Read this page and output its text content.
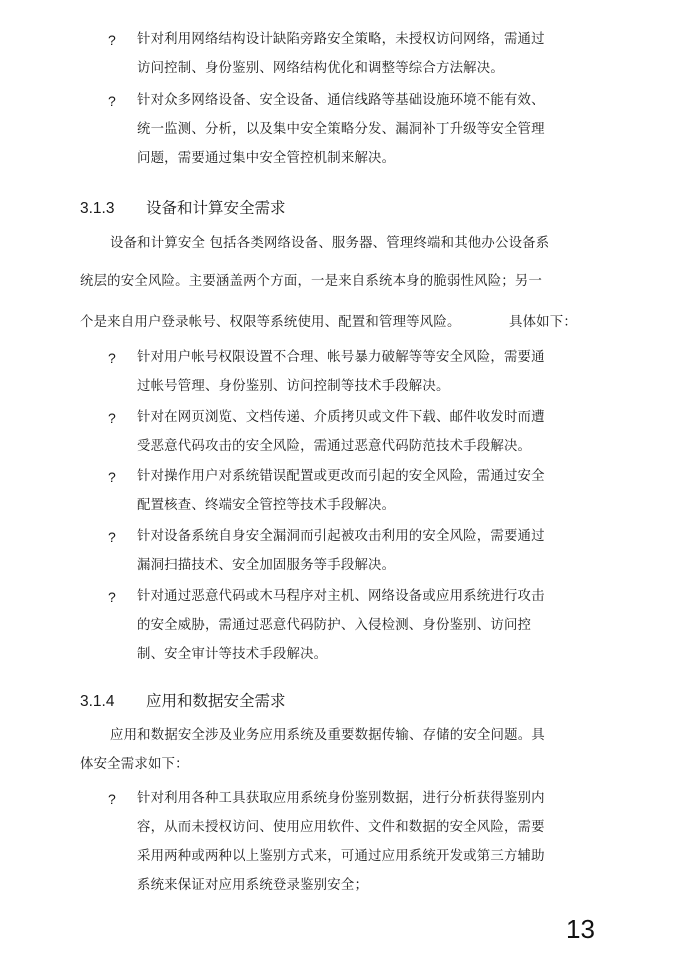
? 针对利用网络结构设计缺陷旁路安全策略，未授权访问网络，需通过
访问控制、身份鉴别、网络结构优化和调整等综合方法解决。
? 针对众多网络设备、安全设备、通信线路等基础设施环境不能有效、
统一监测、分析，以及集中安全策略分发、漏洞补丁升级等安全管理
问题，需要通过集中安全管控机制来解决。
3.1.3 设备和计算安全需求
设备和计算安全 包括各类网络设备、服务器、管理终端和其他办公设备系
统层的安全风险。主要涵盖两个方面，一是来自系统本身的脆弱性风险；另一
个是来自用户登录帐号、权限等系统使用、配置和管理等风险。	具体如下：
? 针对用户帐号权限设置不合理、帐号暴力破解等等安全风险，需要通
过帐号管理、身份鉴别、访问控制等技术手段解决。
? 针对在网页浏览、文档传递、介质拷贝或文件下载、邮件收发时而遭
受恶意代码攻击的安全风险，需通过恶意代码防范技术手段解决。
? 针对操作用户对系统错误配置或更改而引起的安全风险，需通过安全
配置核查、终端安全管控等技术手段解决。
? 针对设备系统自身安全漏洞而引起被攻击利用的安全风险，需要通过
漏洞扫描技术、安全加固服务等手段解决。
? 针对通过恶意代码或木马程序对主机、网络设备或应用系统进行攻击
的安全威胁，需通过恶意代码防护、入侵检测、身份鉴别、访问控
制、安全审计等技术手段解决。
3.1.4 应用和数据安全需求
应用和数据安全涉及业务应用系统及重要数据传输、存储的安全问题。具
体安全需求如下：
? 针对利用各种工具获取应用系统身份鉴别数据，进行分析获得鉴别内
容，从而未授权访问、使用应用软件、文件和数据的安全风险，需要
采用两种或两种以上鉴别方式来，可通过应用系统开发或第三方辅助
系统来保证对应用系统登录鉴别安全；
13
